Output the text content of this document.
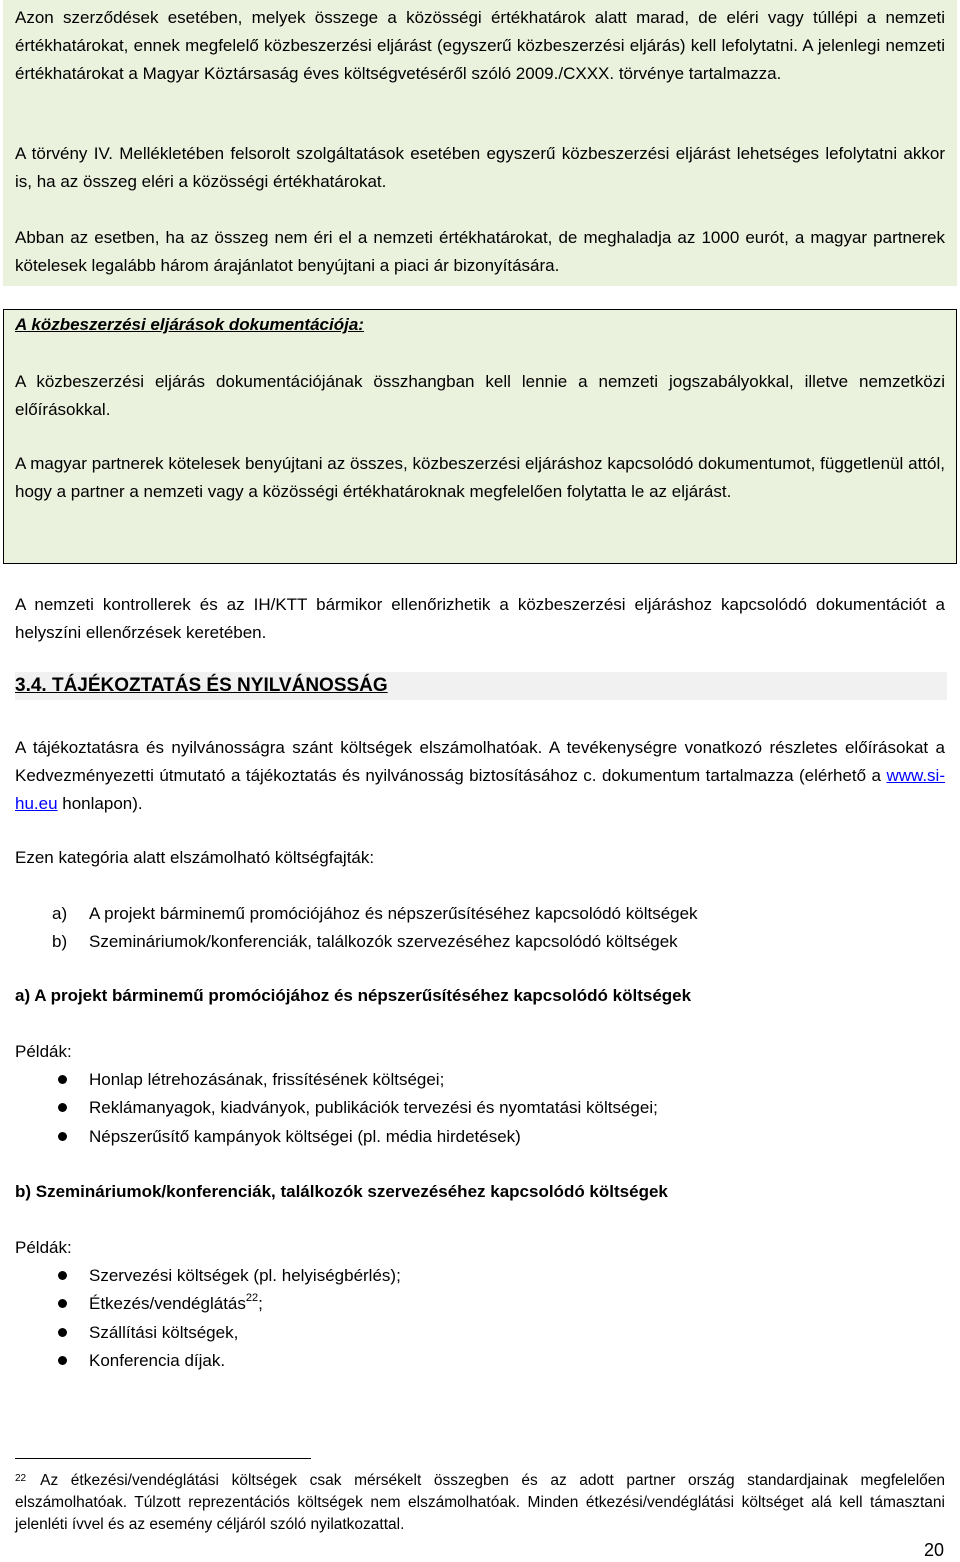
Azon szerződések esetében, melyek összege a közösségi értékhatárok alatt marad, de eléri vagy túllépi a nemzeti értékhatárokat, ennek megfelelő közbeszerzési eljárást (egyszerű közbeszerzési eljárás) kell lefolytatni. A jelenlegi nemzeti értékhatárokat a Magyar Köztársaság éves költségvetéséről szóló 2009./CXXX. törvénye tartalmazza.
A törvény IV. Mellékletében felsorolt szolgáltatások esetében egyszerű közbeszerzési eljárást lehetséges lefolytatni akkor is, ha az összeg eléri a közösségi értékhatárokat.
Abban az esetben, ha az összeg nem éri el a nemzeti értékhatárokat, de meghaladja az 1000 eurót, a magyar partnerek kötelesek legalább három árajánlatot benyújtani a piaci ár bizonyítására.
A közbeszerzési eljárások dokumentációja:
A közbeszerzési eljárás dokumentációjának összhangban kell lennie a nemzeti jogszabályokkal, illetve nemzetközi előírásokkal.
A magyar partnerek kötelesek benyújtani az összes, közbeszerzési eljáráshoz kapcsolódó dokumentumot, függetlenül attól, hogy a partner a nemzeti vagy a közösségi értékhatároknak megfelelően folytatta le az eljárást.
A nemzeti kontrollerek és az IH/KTT bármikor ellenőrizhetik a közbeszerzési eljáráshoz kapcsolódó dokumentációt a helyszíni ellenőrzések keretében.
3.4. TÁJÉKOZTATÁS ÉS NYILVÁNOSSÁG
A tájékoztatásra és nyilvánosságra szánt költségek elszámolhatóak. A tevékenységre vonatkozó részletes előírásokat a Kedvezményezetti útmutató a tájékoztatás és nyilvánosság biztosításához c. dokumentum tartalmazza (elérhető a www.si-hu.eu honlapon).
Ezen kategória alatt elszámolható költségfajták:
a) A projekt bárminemű promóciójához és népszerűsítéséhez kapcsolódó költségek
b) Szemináriumok/konferenciák, találkozók szervezéséhez kapcsolódó költségek
a) A projekt bárminemű promóciójához és népszerűsítéséhez kapcsolódó költségek
Példák:
Honlap létrehozásának, frissítésének költségei;
Reklámanyagok, kiadványok, publikációk tervezési és nyomtatási költségei;
Népszerűsítő kampányok költségei (pl. média hirdetések)
b) Szemináriumok/konferenciák, találkozók szervezéséhez kapcsolódó költségek
Példák:
Szervezési költségek (pl. helyiségbérlés);
Étkezés/vendéglátás$^{22}$;
Szállítási költségek,
Konferencia díjak.
$^{22}$ Az étkezési/vendéglátási költségek csak mérsékelt összegben és az adott partner ország standardjainak megfelelően elszámolhatóak. Túlzott reprezentációs költségek nem elszámolhatóak. Minden étkezési/vendéglátási költséget alá kell támasztani jelenléti ívvel és az esemény céljáról szóló nyilatkozattal.
20
